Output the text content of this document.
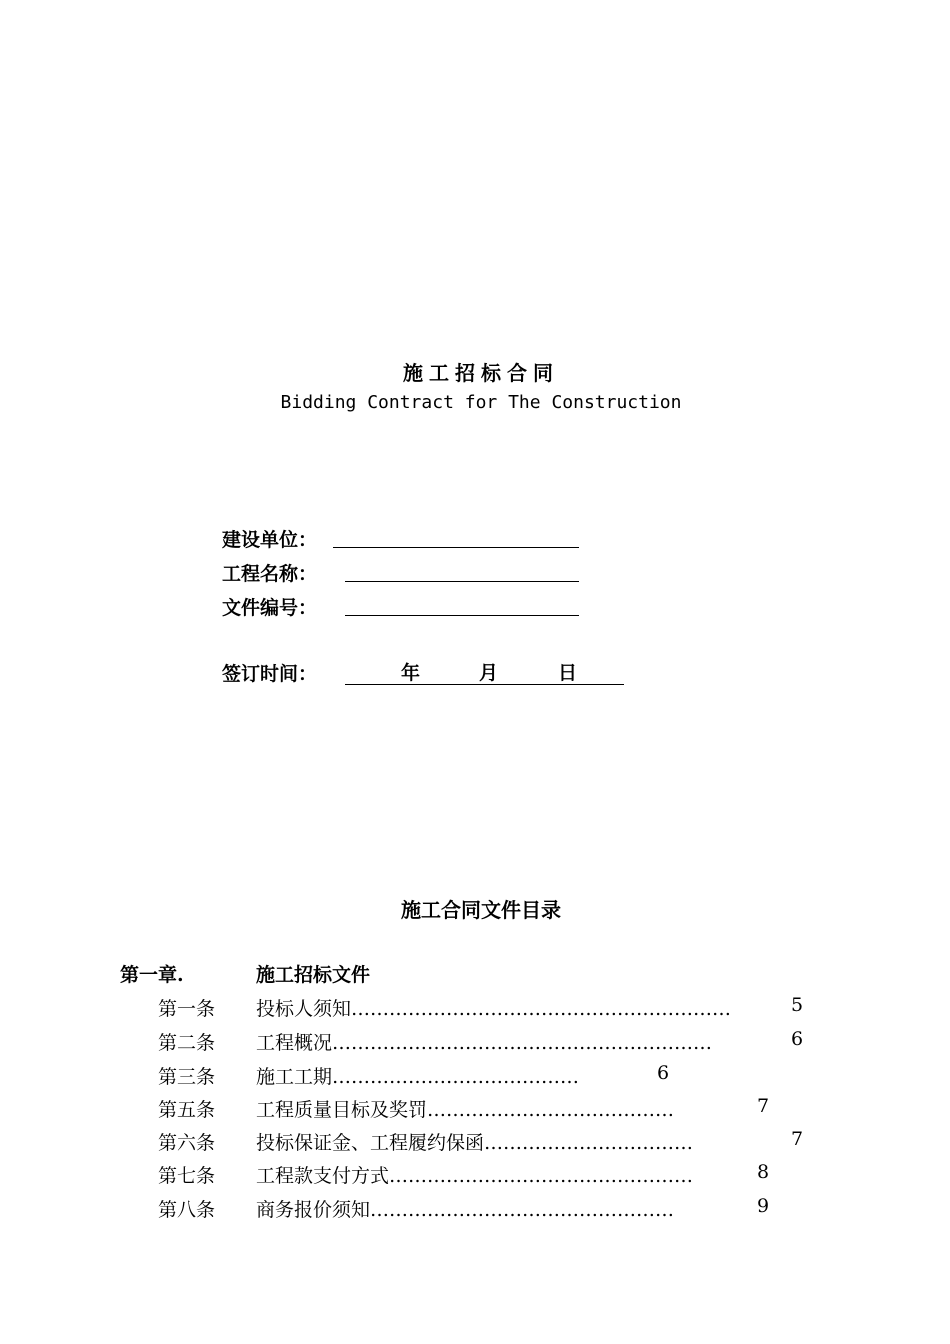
施工招标合同
Bidding Contract for The Construction
建设单位：
工程名称：
文件编号：
签订时间：	年	月	日
施工合同文件目录
第一章.	施工招标文件
第一条 投标人须知……………………………………………………	5
第二条 工程概况……………………………………………………	6
第三条 施工工期…………………………………	6
第五条 工程质量目标及奖罚…………………………………	7
第六条 投标保证金、工程履约保函……………………………	7
第七条 工程款支付方式…………………………………………	8
第八条 商务报价须知…………………………………………	9
